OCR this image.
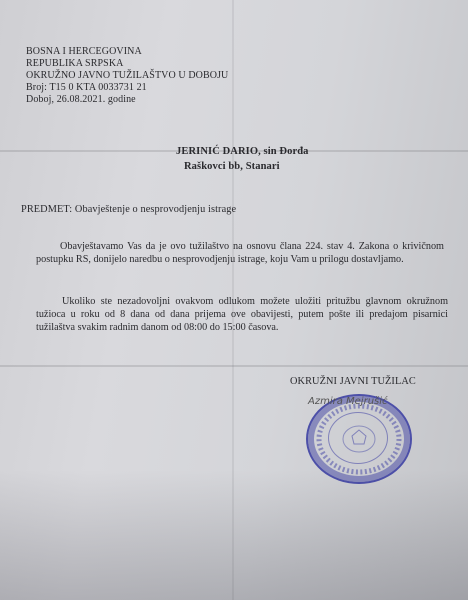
BOSNA I HERCEGOVINA
REPUBLIKA SRPSKA
OKRUŽNO JAVNO TUŽILAŠTVO U DOBOJU
Broj: T15 0 KTA 0033731 21
Doboj, 26.08.2021. godine
JERINIĆ DARIO, sin Đorđa
Raškovci bb, Stanari
PREDMET: Obavještenje o nesprovodjenju istrage
Obavještavamo Vas da je ovo tužilaštvo na osnovu člana 224. stav 4. Zakona o krivičnom postupku RS, donijelo naredbu o nesprovodjenju istrage, koju Vam u prilogu dostavljamo.
Ukoliko ste nezadovoljni ovakvom odlukom možete uložiti pritužbu glavnom okružnom tužioca u roku od 8 dana od dana prijema ove obavijesti, putem pošte ili predajom pisarnici tužilaštva svakim radnim danom od 08:00 do 15:00 časova.
OKRUŽNI JAVNI TUŽILAC
Azmira Mejrušić
